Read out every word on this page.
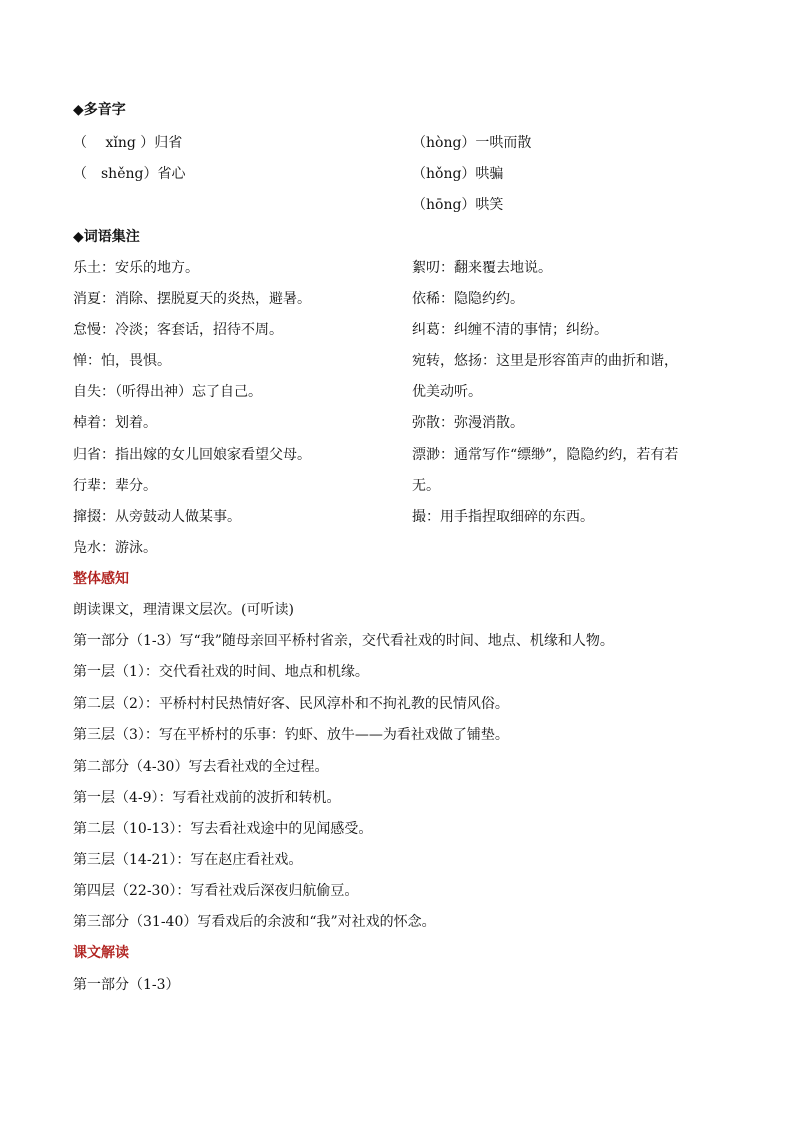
◆多音字
（　 xǐng ）归省
（　shěng）省心
（hòng）一哄而散
（hǒng）哄骗
（hōng）哄笑
◆词语集注
乐土：安乐的地方。
消夏：消除、摆脱夏天的炎热，避暑。
怠慢：冷淡；客套话，招待不周。
惮：怕，畏惧。
自失：（听得出神）忘了自己。
棹着：划着。
归省：指出嫁的女儿回娘家看望父母。
行辈：辈分。
撺掇：从旁鼓动人做某事。
凫水：游泳。
絮叨：翻来覆去地说。
依稀：隐隐约约。
纠葛：纠缠不清的事情；纠纷。
宛转，悠扬：这里是形容笛声的曲折和谐，
优美动听。
弥散：弥漫消散。
漂渺：通常写作“缥缈”，隐隐约约，若有若
无。
撮：用手指捏取细碎的东西。
整体感知
朗读课文，理清课文层次。(可听读)
第一部分（1-3）写“我”随母亲回平桥村省亲，交代看社戏的时间、地点、机缘和人物。
第一层（1）：交代看社戏的时间、地点和机缘。
第二层（2）：平桥村村民热情好客、民风淳朴和不拘礼教的民情风俗。
第三层（3）：写在平桥村的乐事：钓虾、放牛——为看社戏做了铺垫。
第二部分（4-30）写去看社戏的全过程。
第一层（4-9）：写看社戏前的波折和转机。
第二层（10-13）：写去看社戏途中的见闻感受。
第三层（14-21）：写在赵庄看社戏。
第四层（22-30）：写看社戏后深夜归航偷豆。
第三部分（31-40）写看戏后的余波和“我”对社戏的怀念。
课文解读
第一部分（1-3）
